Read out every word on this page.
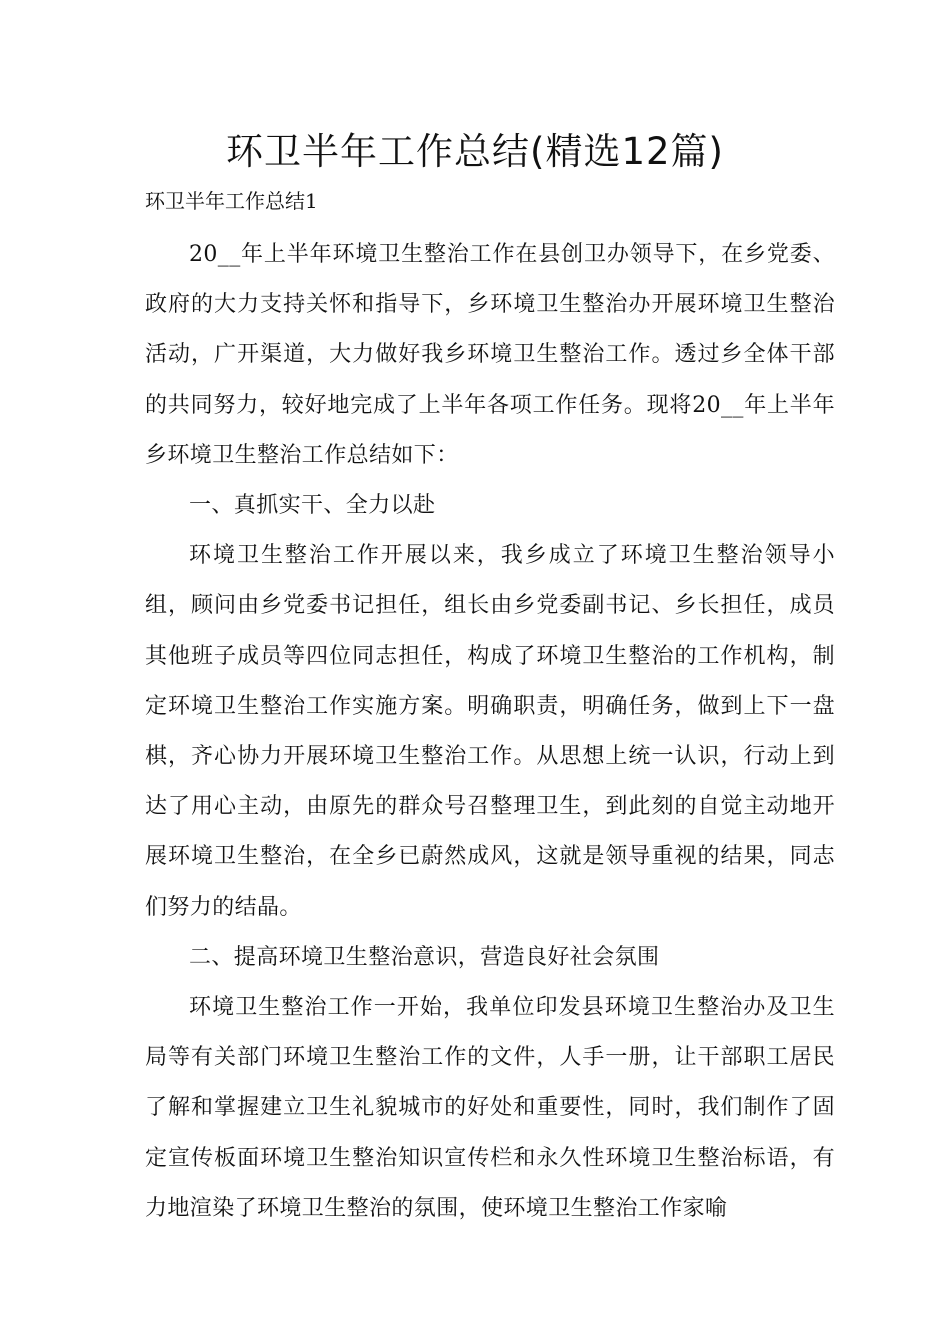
环卫半年工作总结(精选12篇)
环卫半年工作总结1

20__年上半年环境卫生整治工作在县创卫办领导下，在乡党委、政府的大力支持关怀和指导下，乡环境卫生整治办开展环境卫生整治活动，广开渠道，大力做好我乡环境卫生整治工作。透过乡全体干部的共同努力，较好地完成了上半年各项工作任务。现将20__年上半年乡环境卫生整治工作总结如下：

一、真抓实干、全力以赴

环境卫生整治工作开展以来，我乡成立了环境卫生整治领导小组，顾问由乡党委书记担任，组长由乡党委副书记、乡长担任，成员其他班子成员等四位同志担任，构成了环境卫生整治的工作机构，制定环境卫生整治工作实施方案。明确职责，明确任务，做到上下一盘棋，齐心协力开展环境卫生整治工作。从思想上统一认识，行动上到达了用心主动，由原先的群众号召整理卫生，到此刻的自觉主动地开展环境卫生整治，在全乡已蔚然成风，这就是领导重视的结果，同志们努力的结晶。

二、提高环境卫生整治意识，营造良好社会氛围

环境卫生整治工作一开始，我单位印发县环境卫生整治办及卫生局等有关部门环境卫生整治工作的文件，人手一册，让干部职工居民了解和掌握建立卫生礼貌城市的好处和重要性，同时，我们制作了固定宣传板面环境卫生整治知识宣传栏和永久性环境卫生整治标语，有力地渲染了环境卫生整治的氛围，使环境卫生整治工作家喻
